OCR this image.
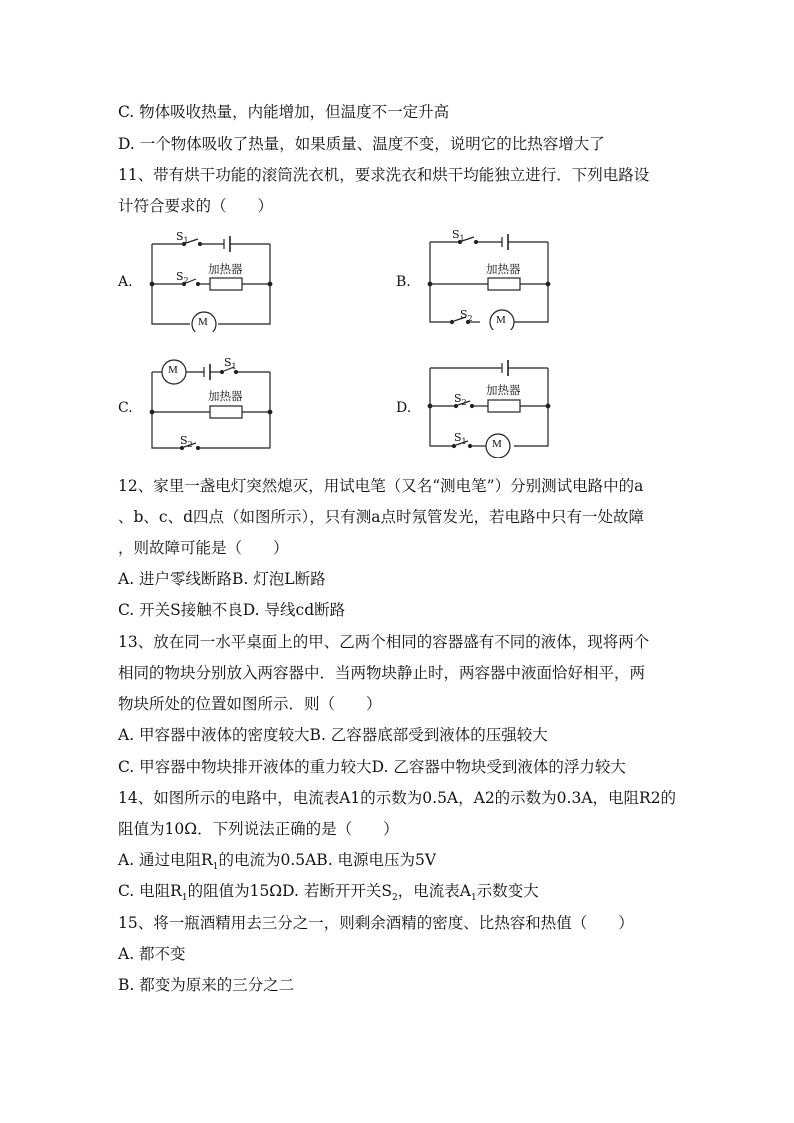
C. 物体吸收热量，内能增加，但温度不一定升高
D. 一个物体吸收了热量，如果质量、温度不变，说明它的比热容增大了
11、带有烘干功能的滚筒洗衣机，要求洗衣和烘干均能独立进行．下列电路设
计符合要求的（　　）
A.
$S_1$
$S_2$
加热器
M
B.
$S_1$
加热器
$S_2$ M
C.
M
$S_1$
加热器
$S_2$
D.
加热器
$S_2$
$S_1$ M
12、家里一盏电灯突然熄灭，用试电笔（又名“测电笔”）分别测试电路中的a
、b、c、d四点（如图所示），只有测a点时氖管发光，若电路中只有一处故障
，则故障可能是（　　）
A. 进户零线断路B. 灯泡L断路
C. 开关S接触不良D. 导线cd断路
13、放在同一水平桌面上的甲、乙两个相同的容器盛有不同的液体，现将两个
相同的物块分别放入两容器中．当两物块静止时，两容器中液面恰好相平，两
物块所处的位置如图所示．则（　　）
A. 甲容器中液体的密度较大B. 乙容器底部受到液体的压强较大
C. 甲容器中物块排开液体的重力较大D. 乙容器中物块受到液体的浮力较大
14、如图所示的电路中，电流表A1的示数为0.5A，A2的示数为0.3A，电阻R2的
阻值为10Ω．下列说法正确的是（　　）
A. 通过电阻$R_1$的电流为0.5AB. 电源电压为5V
C. 电阻$R_1$的阻值为15ΩD. 若断开开关$S_2$，电流表$A_1$示数变大
15、将一瓶酒精用去三分之一，则剩余酒精的密度、比热容和热值（　　）
A. 都不变
B. 都变为原来的三分之二
